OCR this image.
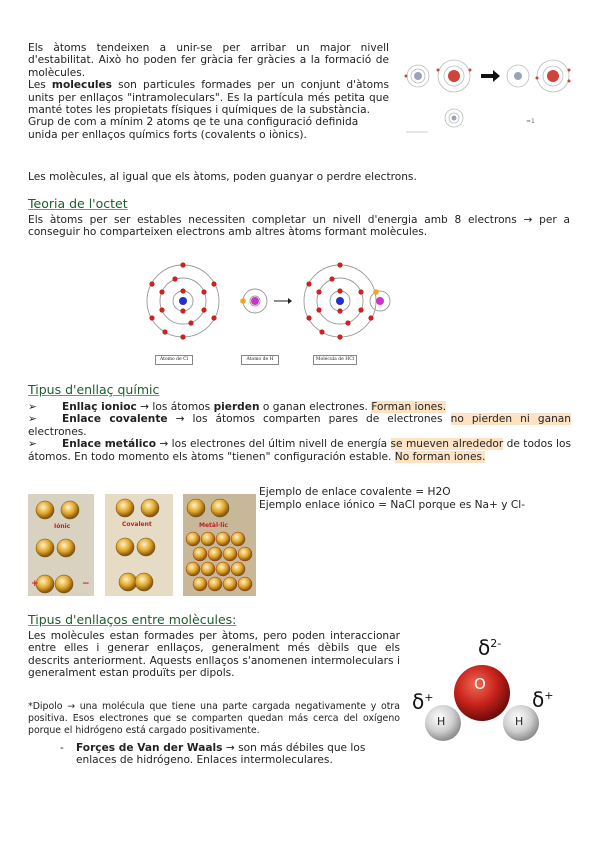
Els àtoms tendeixen a unir-se per arribar un major nivell d'estabilitat. Això ho poden fer gràcia fer gràcies a la formació de molècules.

Les molecules son particules formades per un conjunt d'àtoms units per enllaços "intramoleculars". Es la partícula més petita que manté totes les propietats físiques i químiques de la substància.

Grup de com a mínim 2 atoms qe te una configuració definida unida per enllaços químics forts (covalents o iònics).

Les molècules, al igual que els àtoms, poden guanyar o perdre electrons.

≈1
Teoria de l'octet

Els àtoms per ser estables necessiten completar un nivell d'energia amb 8 electrons → per a conseguir ho comparteixen electrons amb altres àtoms formant molècules.

Átomo de Cl	Átomo de H	Molécula de HCl
Tipus d'enllaç químic
➢ Enllaç ionioc → los átomos pierden o ganan electrones. Forman iones.
➢ Enlace covalente → los átomos comparten pares de electrones no pierden ni ganan electrones.
➢ Enlace metálico → los electrones del últim nivell de energía se mueven alrededor de todos los átomos. En todo momento els àtoms "tienen" configuración estable. No forman iones.
+	−
Iónic	Covalent	Metàl·lic

Ejemplo de enlace covalente = H2O

Ejemplo enlace iónico = NaCl porque es Na+ y Cl-

Tipus d'enllaços entre molècules:

Les molècules estan formades per àtoms, pero poden interaccionar entre elles i generar enllaços, generalment més dèbils que els descrits anteriorment. Aquests enllaços s'anomenen intermoleculars i generalment estan produïts per dipols.

*Dipolo → una molécula que tiene una parte cargada negativamente y otra positiva. Esos electrones que se comparten quedan más cerca del oxígeno porque el hidrógeno está cargado positivamente.

-	Forçes de Van der Waals → son más débiles que los enlaces de hidrógeno. Enlaces intermoleculares.
O
H	H
$\delta^{2-}$
δ+	δ+
